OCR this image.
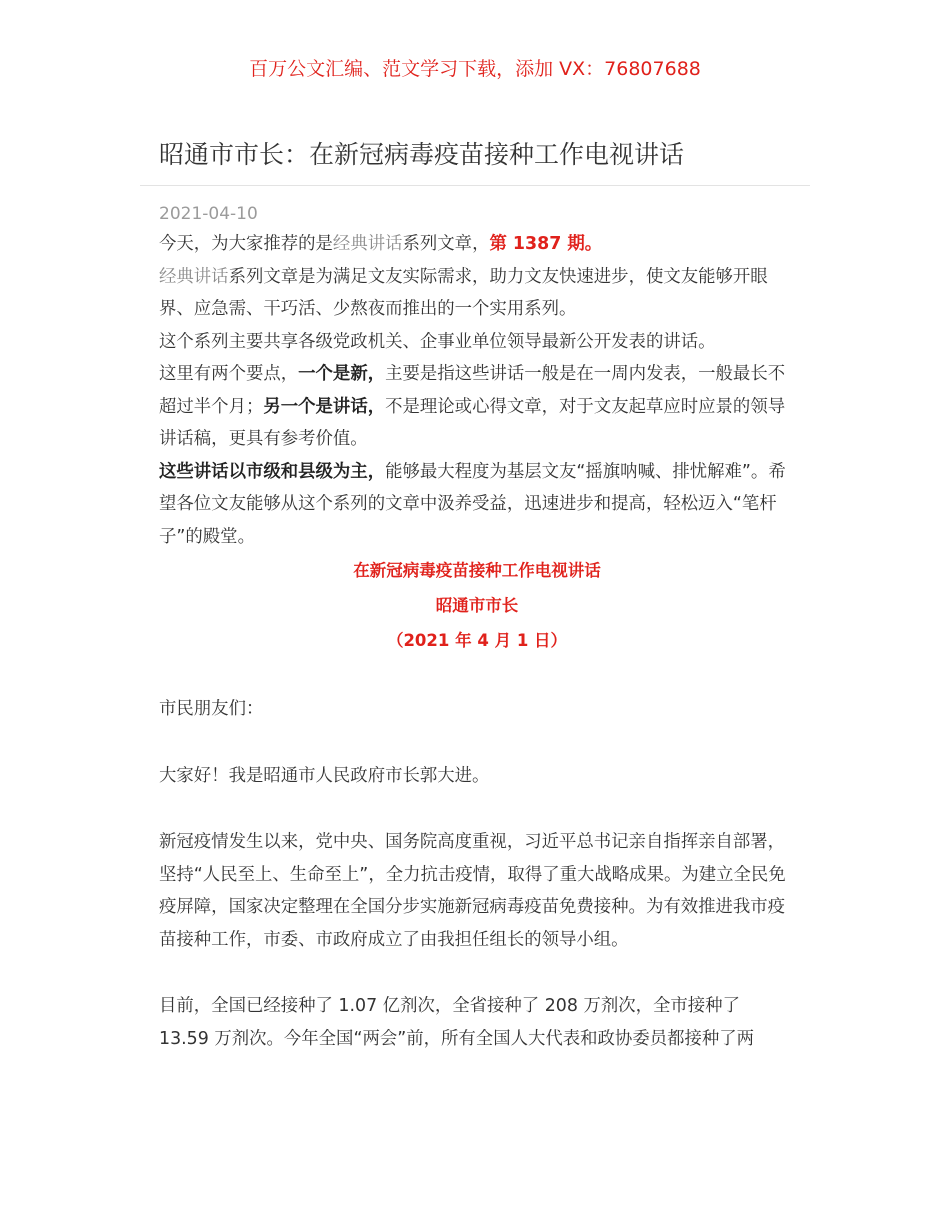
百万公文汇编、范文学习下载，添加 VX：76807688
昭通市市长：在新冠病毒疫苗接种工作电视讲话

2021-04-10

今天，为大家推荐的是经典讲话系列文章，第 1387 期。

经典讲话系列文章是为满足文友实际需求，助力文友快速进步，使文友能够开眼界、应急需、干巧活、少熬夜而推出的一个实用系列。

这个系列主要共享各级党政机关、企事业单位领导最新公开发表的讲话。

这里有两个要点，一个是新，主要是指这些讲话一般是在一周内发表，一般最长不超过半个月；另一个是讲话，不是理论或心得文章，对于文友起草应时应景的领导讲话稿，更具有参考价值。

这些讲话以市级和县级为主，能够最大程度为基层文友“摇旗呐喊、排忧解难”。希望各位文友能够从这个系列的文章中汲养受益，迅速进步和提高，轻松迈入“笔杆子”的殿堂。

在新冠病毒疫苗接种工作电视讲话

昭通市市长

（2021 年 4 月 1 日）

市民朋友们：

大家好！我是昭通市人民政府市长郭大进。

新冠疫情发生以来，党中央、国务院高度重视，习近平总书记亲自指挥亲自部署，坚持“人民至上、生命至上”，全力抗击疫情，取得了重大战略成果。为建立全民免疫屏障，国家决定整理在全国分步实施新冠病毒疫苗免费接种。为有效推进我市疫苗接种工作，市委、市政府成立了由我担任组长的领导小组。

目前，全国已经接种了 1.07 亿剂次，全省接种了 208 万剂次，全市接种了 13.59 万剂次。今年全国“两会”前，所有全国人大代表和政协委员都接种了两
